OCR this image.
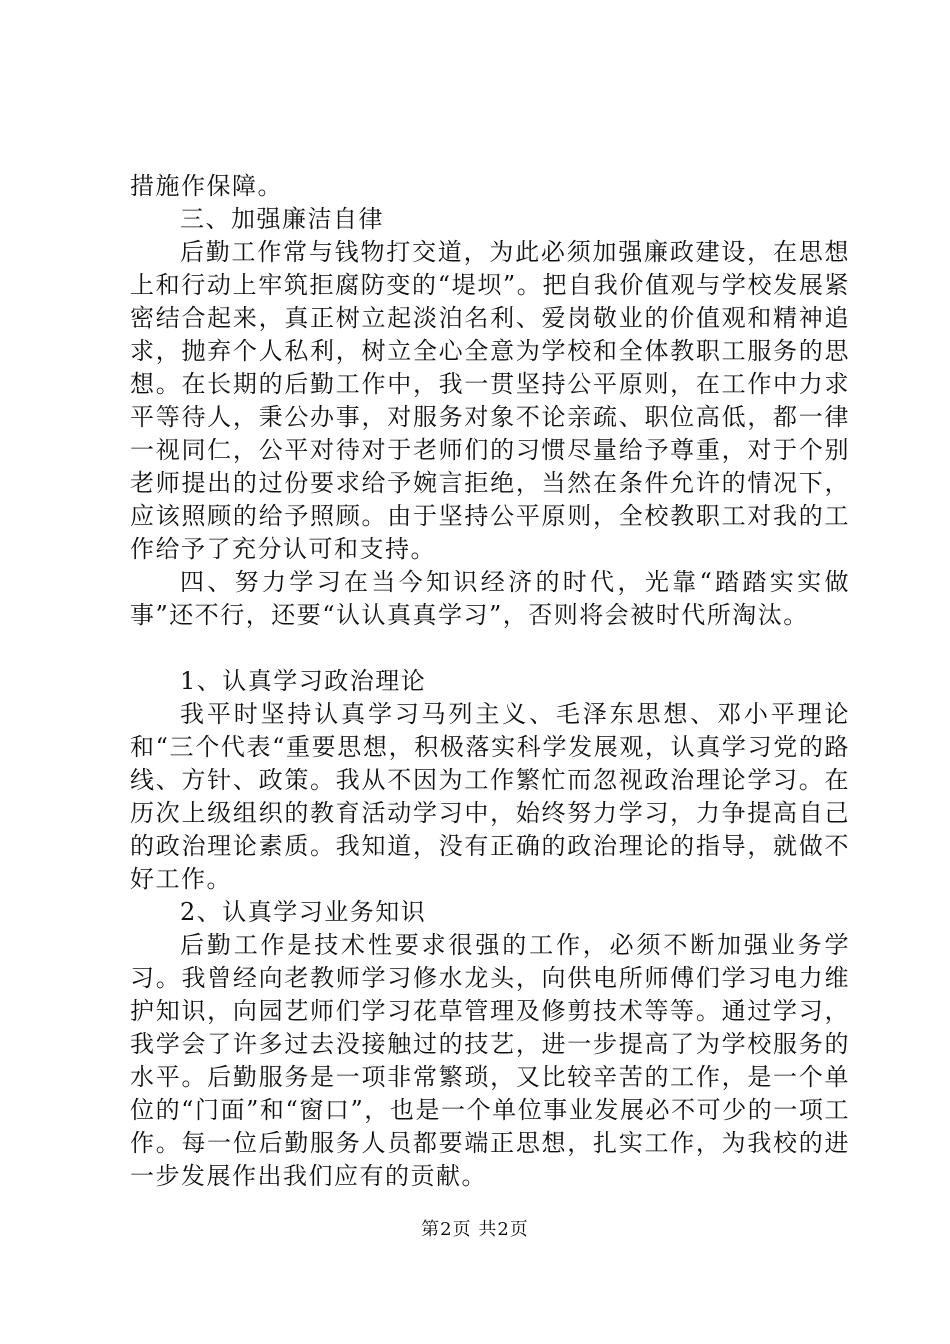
措施作保障。

三、加强廉洁自律

后勤工作常与钱物打交道，为此必须加强廉政建设，在思想上和行动上牢筑拒腐防变的“堤坝”。把自我价值观与学校发展紧密结合起来，真正树立起淡泊名利、爱岗敬业的价值观和精神追求，抛弃个人私利，树立全心全意为学校和全体教职工服务的思想。在长期的后勤工作中，我一贯坚持公平原则，在工作中力求平等待人，秉公办事，对服务对象不论亲疏、职位高低，都一律一视同仁，公平对待对于老师们的习惯尽量给予尊重，对于个别老师提出的过份要求给予婉言拒绝，当然在条件允许的情况下，应该照顾的给予照顾。由于坚持公平原则，全校教职工对我的工作给予了充分认可和支持。

四、努力学习在当今知识经济的时代，光靠“踏踏实实做事”还不行，还要“认认真真学习”，否则将会被时代所淘汰。

1、认真学习政治理论

我平时坚持认真学习马列主义、毛泽东思想、邓小平理论和“三个代表“重要思想，积极落实科学发展观，认真学习党的路线、方针、政策。我从不因为工作繁忙而忽视政治理论学习。在历次上级组织的教育活动学习中，始终努力学习，力争提高自己的政治理论素质。我知道，没有正确的政治理论的指导，就做不好工作。

2、认真学习业务知识

后勤工作是技术性要求很强的工作，必须不断加强业务学习。我曾经向老教师学习修水龙头，向供电所师傅们学习电力维护知识，向园艺师们学习花草管理及修剪技术等等。通过学习，我学会了许多过去没接触过的技艺，进一步提高了为学校服务的水平。后勤服务是一项非常繁琐，又比较辛苦的工作，是一个单位的“门面”和“窗口”，也是一个单位事业发展必不可少的一项工作。每一位后勤服务人员都要端正思想，扎实工作，为我校的进一步发展作出我们应有的贡献。

第2页 共2页
